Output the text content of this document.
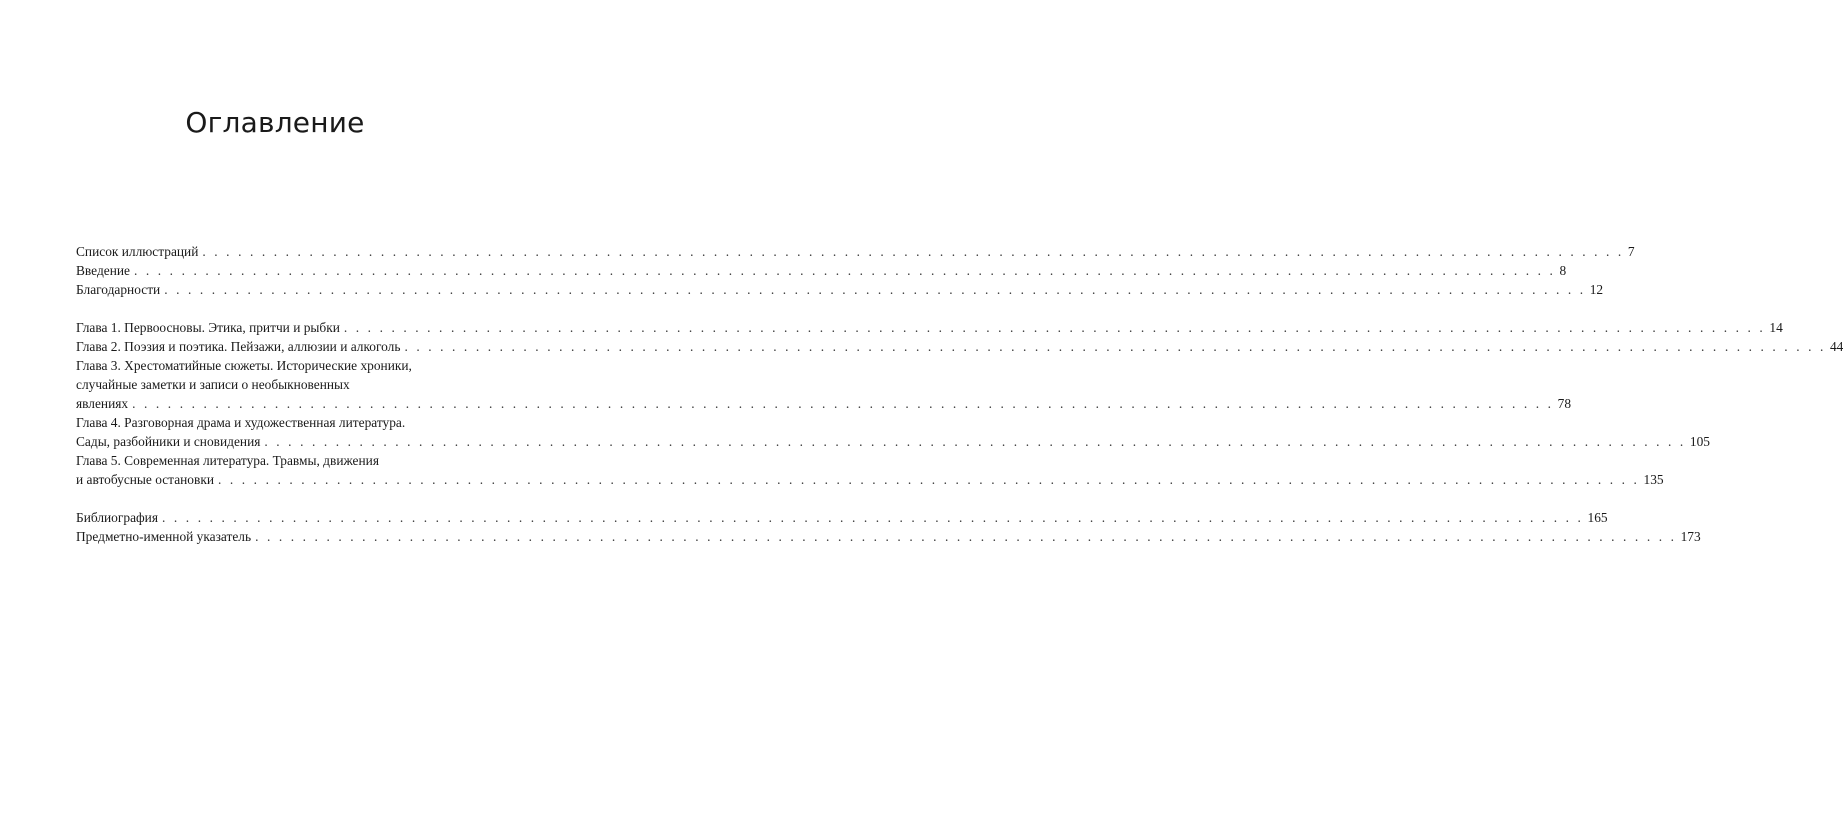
Оглавление
Список иллюстраций . . . . . . . . . . . . . . . . . . . . . . . . . . . . . . . . . . . . . . . . . . . . . . . . . . . . . . . . . . . . . . . . . . . . . . . . . . . . . . . . . . . . . . . . . . . . . . . . . . . . . . . . . . . . . . . . . . . . . . . . 7
Введение . . . . . . . . . . . . . . . . . . . . . . . . . . . . . . . . . . . . . . . . . . . . . . . . . . . . . . . . . . . . . . . . . . . . . . . . . . . . . . . . . . . . . . . . . . . . . . . . . . . . . . . . . . . . . . . . . . . . . . . . 8
Благодарности . . . . . . . . . . . . . . . . . . . . . . . . . . . . . . . . . . . . . . . . . . . . . . . . . . . . . . . . . . . . . . . . . . . . . . . . . . . . . . . . . . . . . . . . . . . . . . . . . . . . . . . . . . . . . . . . . . . . . . . . 12
Глава 1. Первоосновы. Этика, притчи и рыбки . . . . . . . . . . . . . . . . . . . . . . . . . . . . . . . . . . . . . . . . . . . . . . . . . . . . . . . . . . . . . . . . . . . . . . . . . . . . . . . . . . . . . . . . . . . . . . . . . . . . . . . . . . . . . . . . . . . . . . . . 14
Глава 2. Поэзия и поэтика. Пейзажи, аллюзии и алкоголь . . . . . . . . . . . . . . . . . . . . . . . . . . . . . . . . . . . . . . . . . . . . . . . . . . . . . . . . . . . . . . . . . . . . . . . . . . . . . . . . . . . . . . . . . . . . . . . . . . . . . . . . . . . . . . . . . . . . . . . . 44
Глава 3. Хрестоматийные сюжеты. Исторические хроники,
случайные заметки и записи о необыкновенных
явлениях . . . . . . . . . . . . . . . . . . . . . . . . . . . . . . . . . . . . . . . . . . . . . . . . . . . . . . . . . . . . . . . . . . . . . . . . . . . . . . . . . . . . . . . . . . . . . . . . . . . . . . . . . . . . . . . . . . . . . . . . 78
Глава 4. Разговорная драма и художественная литература.
Сады, разбойники и сновидения . . . . . . . . . . . . . . . . . . . . . . . . . . . . . . . . . . . . . . . . . . . . . . . . . . . . . . . . . . . . . . . . . . . . . . . . . . . . . . . . . . . . . . . . . . . . . . . . . . . . . . . . . . . . . . . . . . . . . . . . 105
Глава 5. Современная литература. Травмы, движения
и автобусные остановки . . . . . . . . . . . . . . . . . . . . . . . . . . . . . . . . . . . . . . . . . . . . . . . . . . . . . . . . . . . . . . . . . . . . . . . . . . . . . . . . . . . . . . . . . . . . . . . . . . . . . . . . . . . . . . . . . . . . . . . . 135
Библиография . . . . . . . . . . . . . . . . . . . . . . . . . . . . . . . . . . . . . . . . . . . . . . . . . . . . . . . . . . . . . . . . . . . . . . . . . . . . . . . . . . . . . . . . . . . . . . . . . . . . . . . . . . . . . . . . . . . . . . . . 165
Предметно-именной указатель . . . . . . . . . . . . . . . . . . . . . . . . . . . . . . . . . . . . . . . . . . . . . . . . . . . . . . . . . . . . . . . . . . . . . . . . . . . . . . . . . . . . . . . . . . . . . . . . . . . . . . . . . . . . . . . . . . . . . . . . 173
